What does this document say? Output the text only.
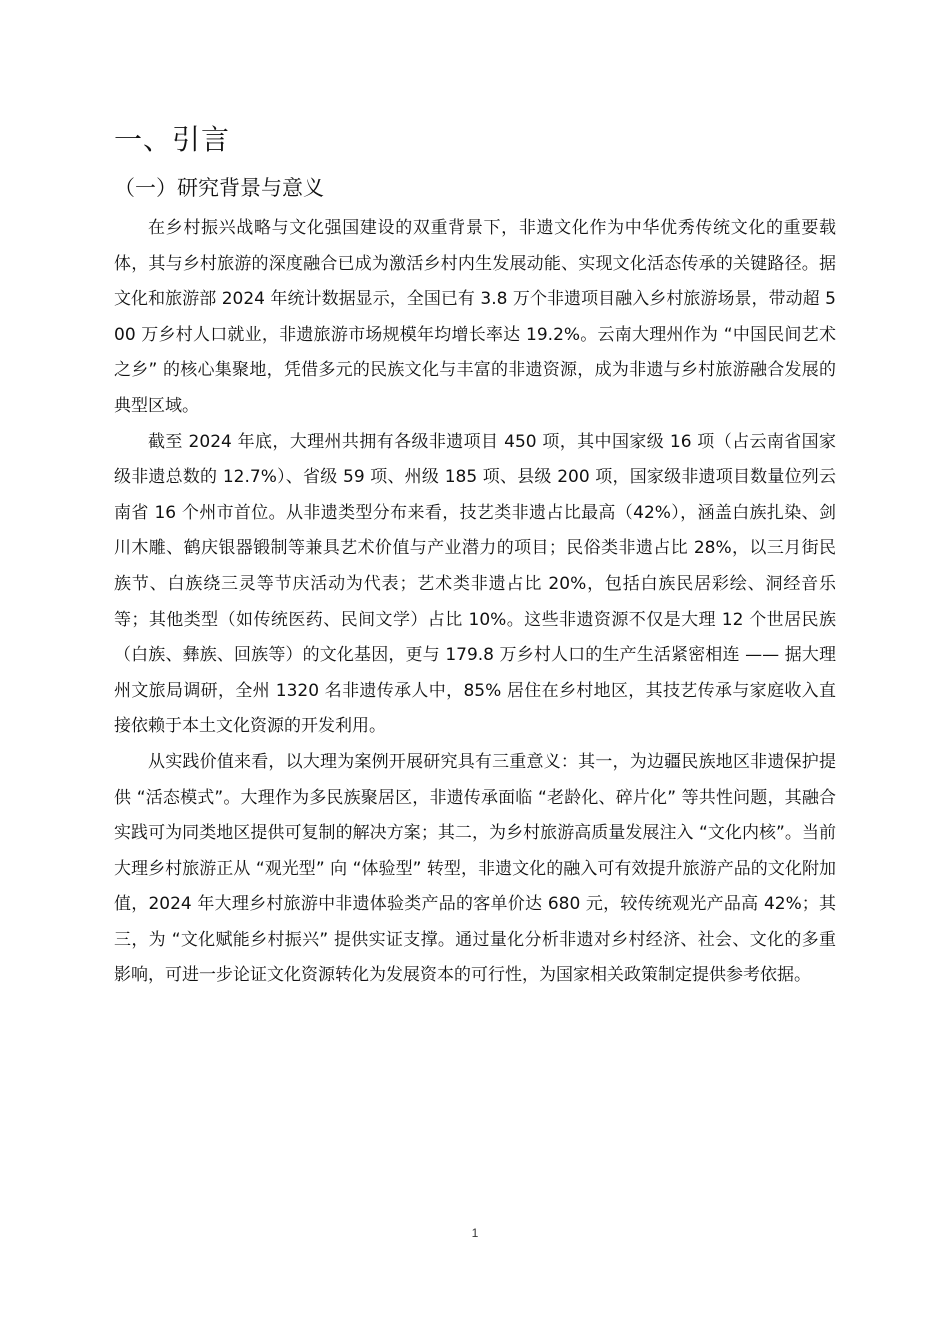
一、引言
（一）研究背景与意义

在乡村振兴战略与文化强国建设的双重背景下，非遗文化作为中华优秀传统文化的重要载体，其与乡村旅游的深度融合已成为激活乡村内生发展动能、实现文化活态传承的关键路径。据文化和旅游部 2024 年统计数据显示，全国已有 3.8 万个非遗项目融入乡村旅游场景，带动超 500 万乡村人口就业，非遗旅游市场规模年均增长率达 19.2%。云南大理州作为 “中国民间艺术之乡” 的核心集聚地，凭借多元的民族文化与丰富的非遗资源，成为非遗与乡村旅游融合发展的典型区域。

截至 2024 年底，大理州共拥有各级非遗项目 450 项，其中国家级 16 项（占云南省国家级非遗总数的 12.7%）、省级 59 项、州级 185 项、县级 200 项，国家级非遗项目数量位列云南省 16 个州市首位。从非遗类型分布来看，技艺类非遗占比最高（42%），涵盖白族扎染、剑川木雕、鹤庆银器锻制等兼具艺术价值与产业潜力的项目；民俗类非遗占比 28%，以三月街民族节、白族绕三灵等节庆活动为代表；艺术类非遗占比 20%，包括白族民居彩绘、洞经音乐等；其他类型（如传统医药、民间文学）占比 10%。这些非遗资源不仅是大理 12 个世居民族（白族、彝族、回族等）的文化基因，更与 179.8 万乡村人口的生产生活紧密相连 —— 据大理州文旅局调研，全州 1320 名非遗传承人中，85% 居住在乡村地区，其技艺传承与家庭收入直接依赖于本土文化资源的开发利用。

从实践价值来看，以大理为案例开展研究具有三重意义：其一，为边疆民族地区非遗保护提供 “活态模式”。大理作为多民族聚居区，非遗传承面临 “老龄化、碎片化” 等共性问题，其融合实践可为同类地区提供可复制的解决方案；其二，为乡村旅游高质量发展注入 “文化内核”。当前大理乡村旅游正从 “观光型” 向 “体验型” 转型，非遗文化的融入可有效提升旅游产品的文化附加值，2024 年大理乡村旅游中非遗体验类产品的客单价达 680 元，较传统观光产品高 42%；其三，为 “文化赋能乡村振兴” 提供实证支撑。通过量化分析非遗对乡村经济、社会、文化的多重影响，可进一步论证文化资源转化为发展资本的可行性，为国家相关政策制定提供参考依据。

1
